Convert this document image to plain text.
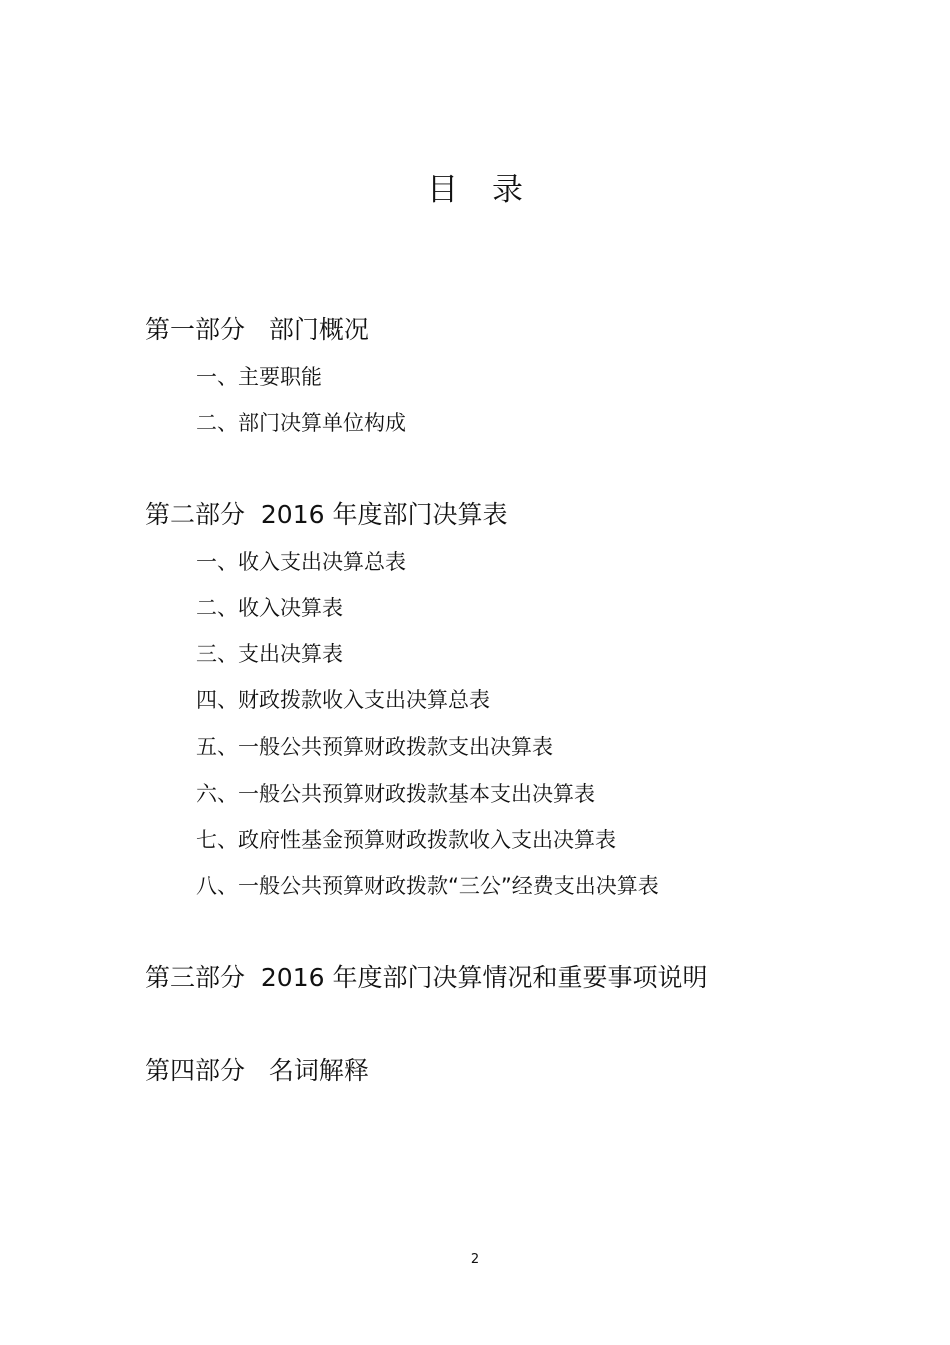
目录
第一部分   部门概况
一、主要职能
二、部门决算单位构成
第二部分  2016 年度部门决算表
一、收入支出决算总表
二、收入决算表
三、支出决算表
四、财政拨款收入支出决算总表
五、一般公共预算财政拨款支出决算表
六、一般公共预算财政拨款基本支出决算表
七、政府性基金预算财政拨款收入支出决算表
八、一般公共预算财政拨款“三公”经费支出决算表
第三部分  2016 年度部门决算情况和重要事项说明
第四部分   名词解释
2
